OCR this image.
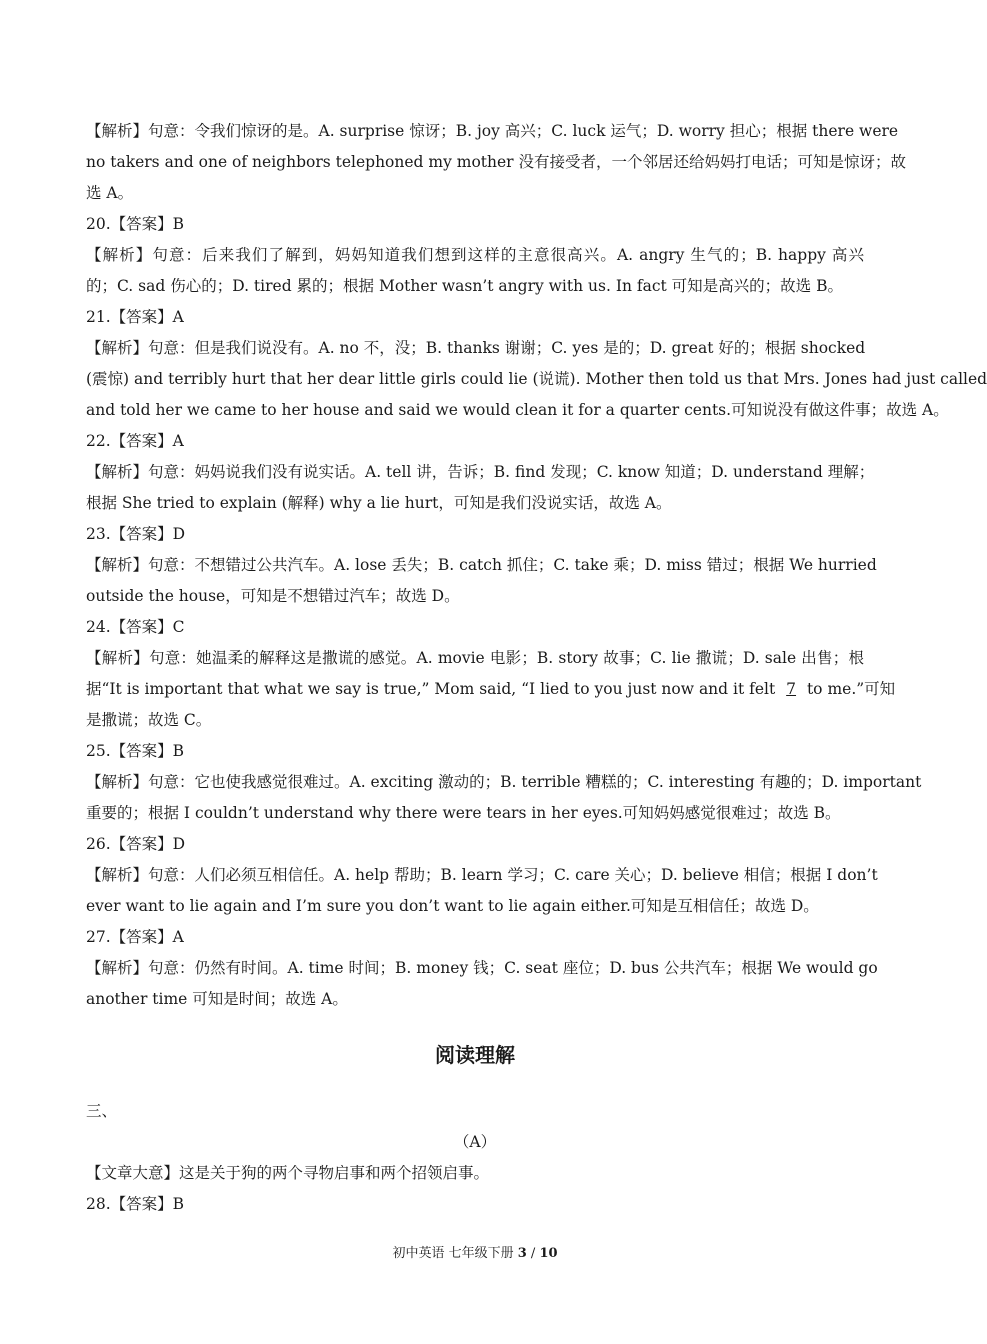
【解析】句意：令我们惊讶的是。A. surprise 惊讶；B. joy 高兴；C. luck 运气；D. worry 担心；根据 there were
no takers and one of neighbors telephoned my mother 没有接受者，一个邻居还给妈妈打电话；可知是惊讶；故
选 A。
20.【答案】B
【解析】句意：后来我们了解到，妈妈知道我们想到这样的主意很高兴。A. angry 生气的；B. happy 高兴
的；C. sad 伤心的；D. tired 累的；根据 Mother wasn’t angry with us. In fact 可知是高兴的；故选 B。
21.【答案】A
【解析】句意：但是我们说没有。A. no 不，没；B. thanks 谢谢；C. yes 是的；D. great 好的；根据 shocked
(震惊) and terribly hurt that her dear little girls could lie (说谎). Mother then told us that Mrs. Jones had just called
and told her we came to her house and said we would clean it for a quarter cents.可知说没有做这件事；故选 A。
22.【答案】A
【解析】句意：妈妈说我们没有说实话。A. tell 讲，告诉；B. find 发现；C. know 知道；D. understand 理解；
根据 She tried to explain (解释) why a lie hurt，可知是我们没说实话，故选 A。
23.【答案】D
【解析】句意：不想错过公共汽车。A. lose 丢失；B. catch 抓住；C. take 乘；D. miss 错过；根据 We hurried
outside the house，可知是不想错过汽车；故选 D。
24.【答案】C
【解析】句意：她温柔的解释这是撒谎的感觉。A. movie 电影；B. story 故事；C. lie 撒谎；D. sale 出售；根
据“It is important that what we say is true,” Mom said, “I lied to you just now and it felt 7 to me.”可知
是撒谎；故选 C。
25.【答案】B
【解析】句意：它也使我感觉很难过。A. exciting 激动的；B. terrible 糟糕的；C. interesting 有趣的；D. important
重要的；根据 I couldn’t understand why there were tears in her eyes.可知妈妈感觉很难过；故选 B。
26.【答案】D
【解析】句意：人们必须互相信任。A. help 帮助；B. learn 学习；C. care 关心；D. believe 相信；根据 I don’t
ever want to lie again and I’m sure you don’t want to lie again either.可知是互相信任；故选 D。
27.【答案】A
【解析】句意：仍然有时间。A. time 时间；B. money 钱；C. seat 座位；D. bus 公共汽车；根据 We would go
another time 可知是时间；故选 A。
阅读理解
三、
（A）
【文章大意】这是关于狗的两个寻物启事和两个招领启事。
28.【答案】B
初中英语 七年级下册 3 / 10
